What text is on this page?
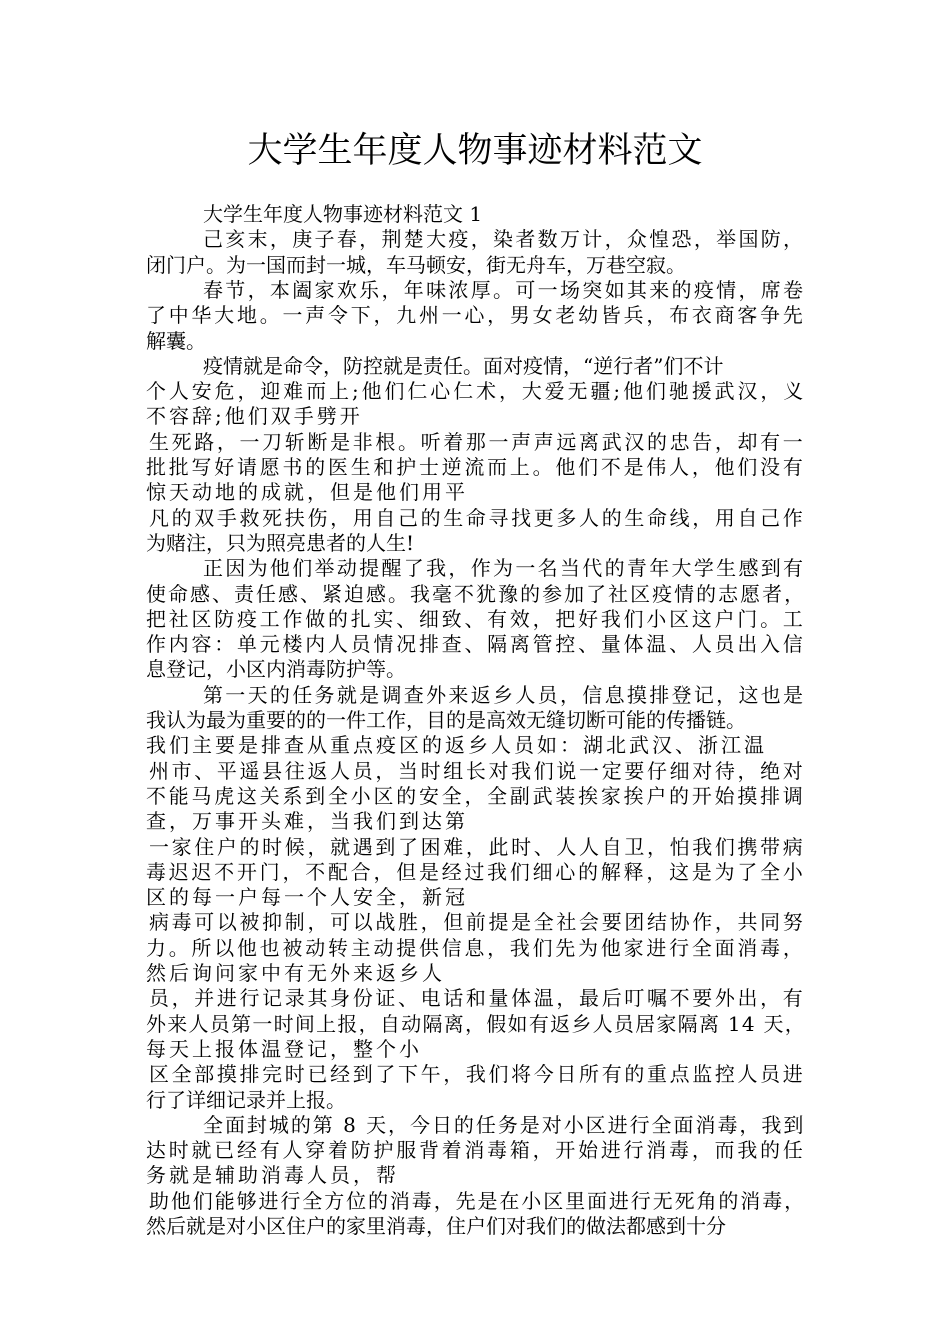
大学生年度人物事迹材料范文
大学生年度人物事迹材料范文 1
己亥末，庚子春，荆楚大疫，染者数万计，众惶恐，举国防，
闭门户。为一国而封一城，车马顿安，街无舟车，万巷空寂。
春节，本阖家欢乐，年味浓厚。可一场突如其来的疫情，席卷
了中华大地。一声令下，九州一心，男女老幼皆兵，布衣商客争先
解囊。
疫情就是命令，防控就是责任。面对疫情，“逆行者”们不计
个人安危，迎难而上;他们仁心仁术，大爱无疆;他们驰援武汉，义
不容辞;他们双手劈开
生死路，一刀斩断是非根。听着那一声声远离武汉的忠告，却有一
批批写好请愿书的医生和护士逆流而上。他们不是伟人，他们没有
惊天动地的成就，但是他们用平
凡的双手救死扶伤，用自己的生命寻找更多人的生命线，用自己作
为赌注，只为照亮患者的人生!
正因为他们举动提醒了我，作为一名当代的青年大学生感到有
使命感、责任感、紧迫感。我毫不犹豫的参加了社区疫情的志愿者，
把社区防疫工作做的扎实、细致、有效，把好我们小区这户门。工
作内容：单元楼内人员情况排查、隔离管控、量体温、人员出入信
息登记，小区内消毒防护等。
第一天的任务就是调查外来返乡人员，信息摸排登记，这也是
我认为最为重要的的一件工作，目的是高效无缝切断可能的传播链。
我们主要是排查从重点疫区的返乡人员如：湖北武汉、浙江温
州市、平遥县往返人员，当时组长对我们说一定要仔细对待，绝对
不能马虎这关系到全小区的安全，全副武装挨家挨户的开始摸排调
查，万事开头难，当我们到达第
一家住户的时候，就遇到了困难，此时、人人自卫，怕我们携带病
毒迟迟不开门，不配合，但是经过我们细心的解释，这是为了全小
区的每一户每一个人安全，新冠
病毒可以被抑制，可以战胜，但前提是全社会要团结协作，共同努
力。所以他也被动转主动提供信息，我们先为他家进行全面消毒，
然后询问家中有无外来返乡人
员，并进行记录其身份证、电话和量体温，最后叮嘱不要外出，有
外来人员第一时间上报，自动隔离，假如有返乡人员居家隔离 14 天，
每天上报体温登记，整个小
区全部摸排完时已经到了下午，我们将今日所有的重点监控人员进
行了详细记录并上报。
全面封城的第 8 天，今日的任务是对小区进行全面消毒，我到
达时就已经有人穿着防护服背着消毒箱，开始进行消毒，而我的任
务就是辅助消毒人员，帮
助他们能够进行全方位的消毒，先是在小区里面进行无死角的消毒，
然后就是对小区住户的家里消毒，住户们对我们的做法都感到十分
